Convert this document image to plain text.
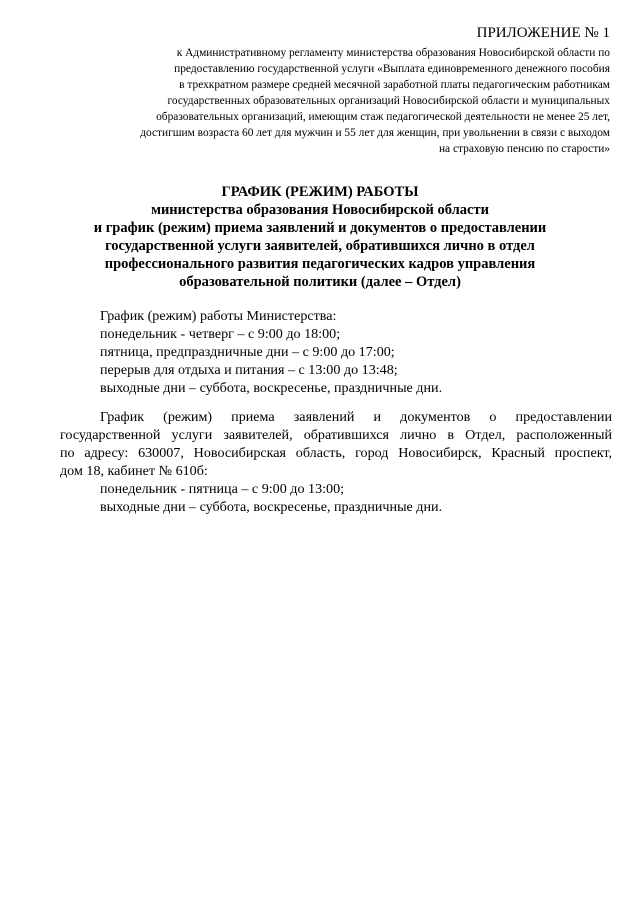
ПРИЛОЖЕНИЕ № 1
к Административному регламенту министерства образования Новосибирской области по
предоставлению государственной услуги «Выплата единовременного денежного пособия
в трехкратном размере средней месячной заработной платы педагогическим работникам
государственных образовательных организаций Новосибирской области и муниципальных
образовательных организаций, имеющим стаж педагогической деятельности не менее 25 лет,
достигшим возраста 60 лет для мужчин и 55 лет для женщин, при увольнении в связи с выходом
на страховую пенсию по старости»
ГРАФИК (РЕЖИМ) РАБОТЫ
министерства образования Новосибирской области
и график (режим) приема заявлений и документов о предоставлении
государственной услуги заявителей, обратившихся лично в отдел
профессионального развития педагогических кадров управления
образовательной политики (далее – Отдел)
График (режим) работы Министерства:
понедельник - четверг – с 9:00 до 18:00;
пятница, предпраздничные дни – с 9:00 до 17:00;
перерыв для отдыха и питания – с 13:00 до 13:48;
выходные дни – суббота, воскресенье, праздничные дни.
График (режим) приема заявлений и документов о предоставлении
государственной услуги заявителей, обратившихся лично в Отдел, расположенный
по адресу: 630007, Новосибирская область, город Новосибирск, Красный проспект,
дом 18, кабинет № 610б:
понедельник - пятница – с 9:00 до 13:00;
выходные дни – суббота, воскресенье, праздничные дни.
